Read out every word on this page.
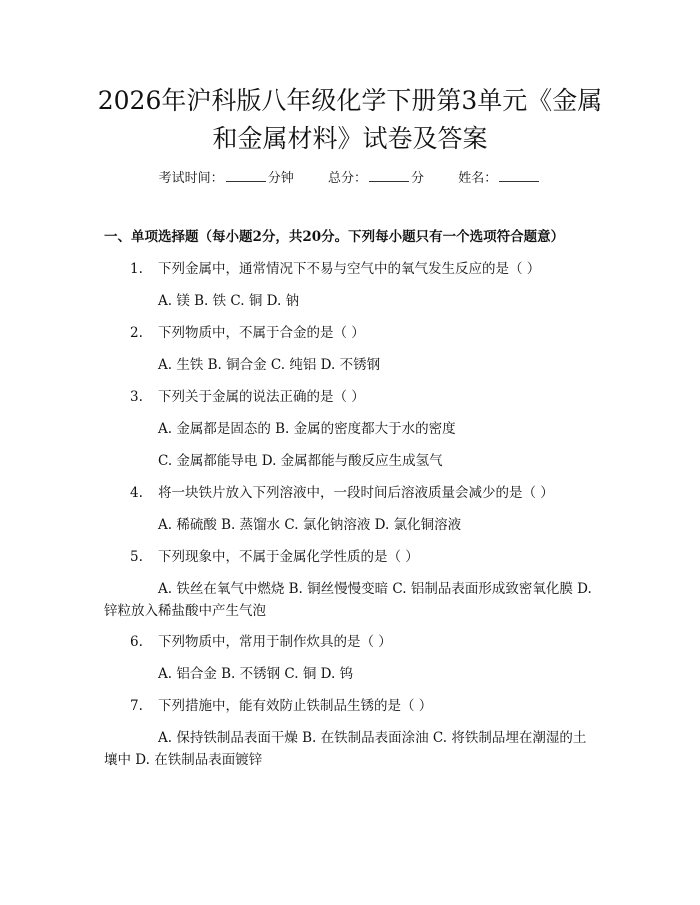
2026年沪科版八年级化学下册第3单元《金属和金属材料》试卷及答案
考试时间：	分钟	总分：	分	姓名：
一、单项选择题（每小题2分，共20分。下列每小题只有一个选项符合题意）
1.	下列金属中，通常情况下不易与空气中的氧气发生反应的是（ ）
A. 镁 B. 铁 C. 铜 D. 钠
2.	下列物质中，不属于合金的是（ ）
A. 生铁 B. 铜合金 C. 纯铝 D. 不锈钢
3.	下列关于金属的说法正确的是（ ）
A. 金属都是固态的 B. 金属的密度都大于水的密度
C. 金属都能导电 D. 金属都能与酸反应生成氢气
4.	将一块铁片放入下列溶液中，一段时间后溶液质量会减少的是（ ）
A. 稀硫酸 B. 蒸馏水 C. 氯化钠溶液 D. 氯化铜溶液
5.	下列现象中，不属于金属化学性质的是（ ）
A. 铁丝在氧气中燃烧 B. 铜丝慢慢变暗 C. 铝制品表面形成致密氧化膜 D. 锌粒放入稀盐酸中产生气泡
6.	下列物质中，常用于制作炊具的是（ ）
A. 铝合金 B. 不锈钢 C. 铜 D. 钨
7.	下列措施中，能有效防止铁制品生锈的是（ ）
A. 保持铁制品表面干燥 B. 在铁制品表面涂油 C. 将铁制品埋在潮湿的土壤中 D. 在铁制品表面镀锌
